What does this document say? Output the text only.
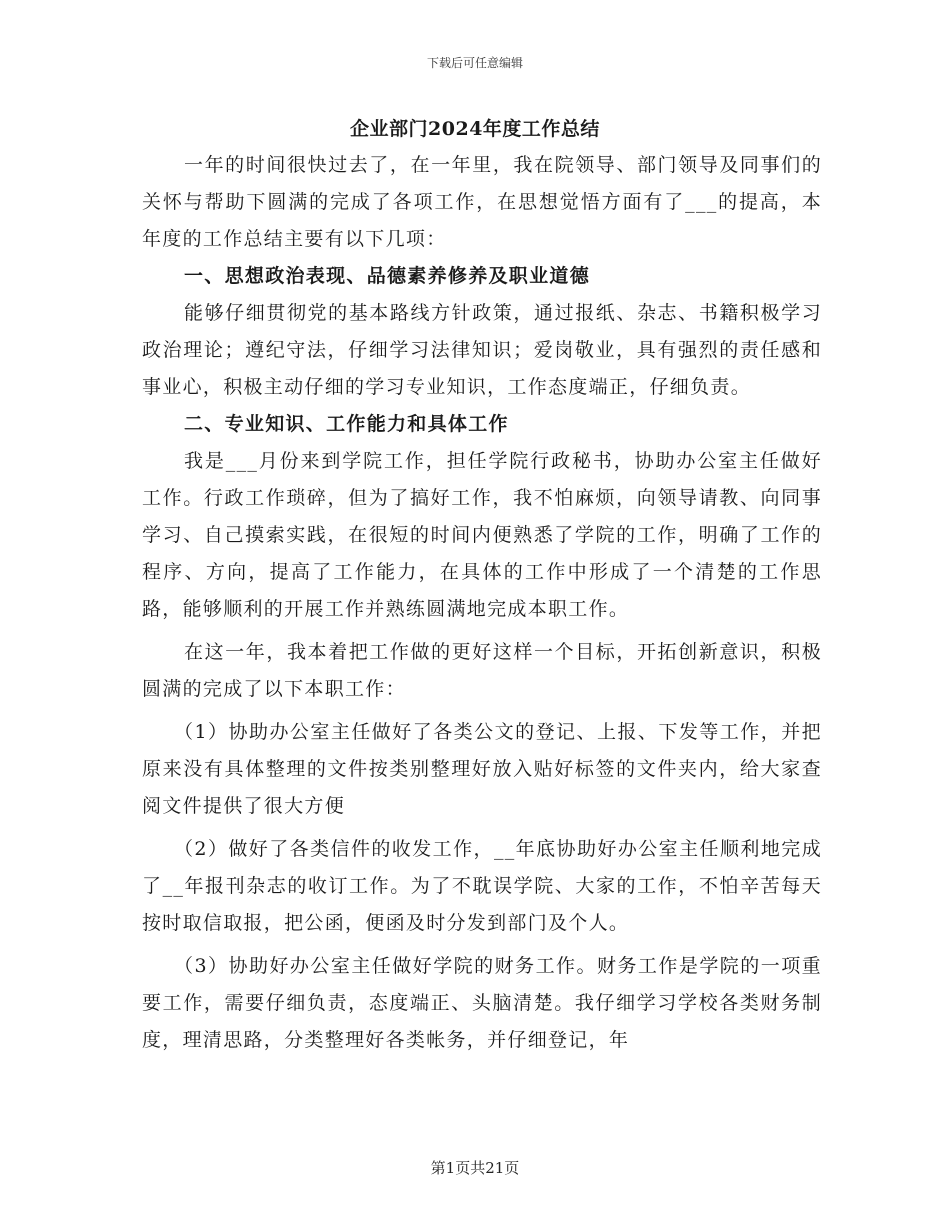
下载后可任意编辑
企业部门2024年度工作总结

一年的时间很快过去了，在一年里，我在院领导、部门领导及同事们的关怀与帮助下圆满的完成了各项工作，在思想觉悟方面有了___的提高，本年度的工作总结主要有以下几项：

一、思想政治表现、品德素养修养及职业道德

能够仔细贯彻党的基本路线方针政策，通过报纸、杂志、书籍积极学习政治理论；遵纪守法，仔细学习法律知识；爱岗敬业，具有强烈的责任感和事业心，积极主动仔细的学习专业知识，工作态度端正，仔细负责。

二、专业知识、工作能力和具体工作

我是___月份来到学院工作，担任学院行政秘书，协助办公室主任做好工作。行政工作琐碎，但为了搞好工作，我不怕麻烦，向领导请教、向同事学习、自己摸索实践，在很短的时间内便熟悉了学院的工作，明确了工作的程序、方向，提高了工作能力，在具体的工作中形成了一个清楚的工作思路，能够顺利的开展工作并熟练圆满地完成本职工作。

在这一年，我本着把工作做的更好这样一个目标，开拓创新意识，积极圆满的完成了以下本职工作：

（1）协助办公室主任做好了各类公文的登记、上报、下发等工作，并把原来没有具体整理的文件按类别整理好放入贴好标签的文件夹内，给大家查阅文件提供了很大方便

（2）做好了各类信件的收发工作，__年底协助好办公室主任顺利地完成了__年报刊杂志的收订工作。为了不耽误学院、大家的工作，不怕辛苦每天按时取信取报，把公函，便函及时分发到部门及个人。

（3）协助好办公室主任做好学院的财务工作。财务工作是学院的一项重要工作，需要仔细负责，态度端正、头脑清楚。我仔细学习学校各类财务制度，理清思路，分类整理好各类帐务，并仔细登记，年

第1页共21页
